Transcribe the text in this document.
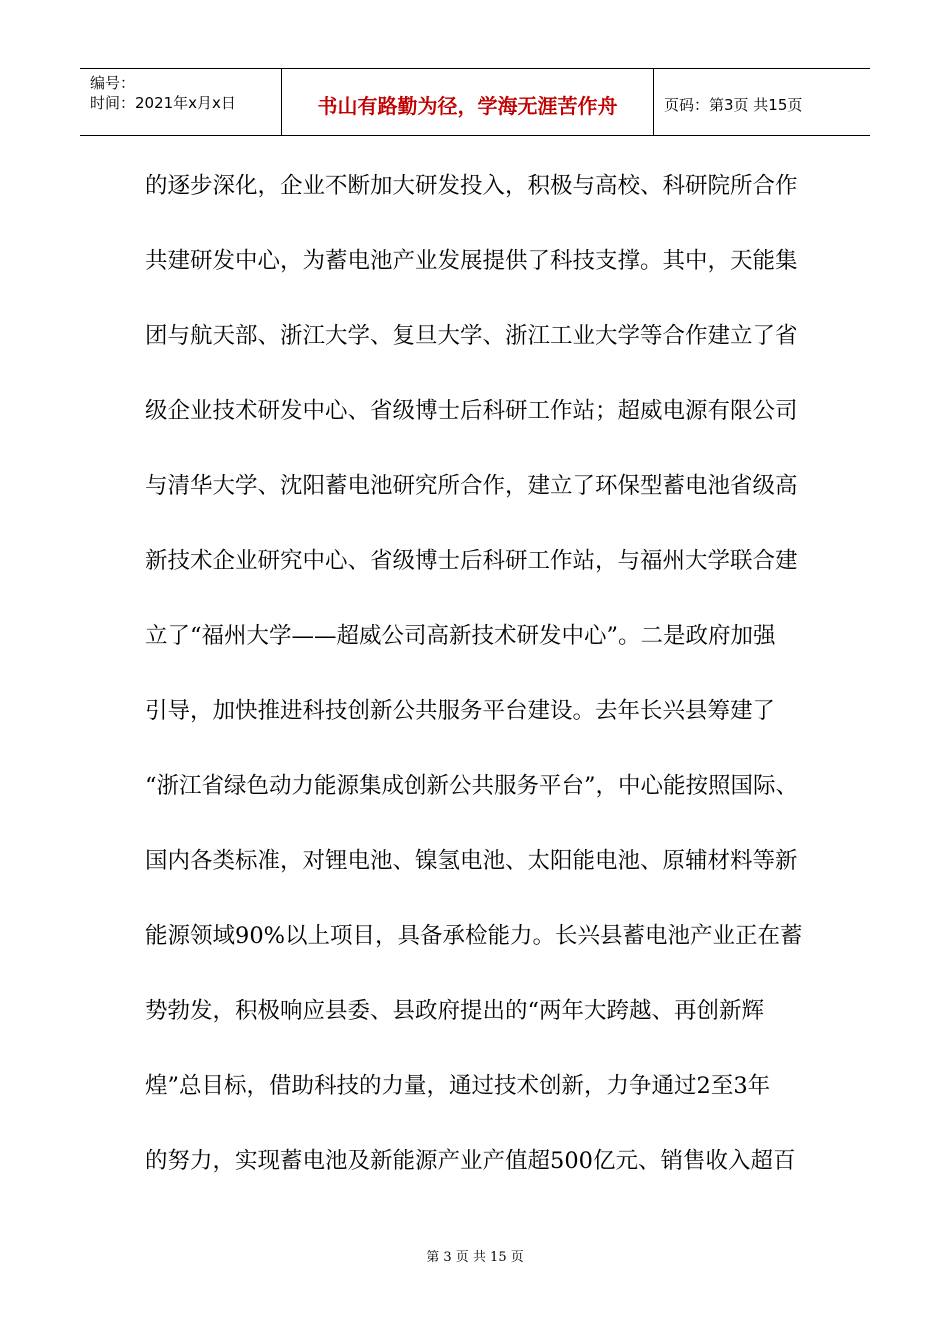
编号：
时间：2021年x月x日	书山有路勤为径，学海无涯苦作舟	页码：第3页 共15页
的逐步深化，企业不断加大研发投入，积极与高校、科研院所合作
共建研发中心，为蓄电池产业发展提供了科技支撑。其中，天能集
团与航天部、浙江大学、复旦大学、浙江工业大学等合作建立了省
级企业技术研发中心、省级博士后科研工作站；超威电源有限公司
与清华大学、沈阳蓄电池研究所合作，建立了环保型蓄电池省级高
新技术企业研究中心、省级博士后科研工作站，与福州大学联合建
立了“福州大学——超威公司高新技术研发中心”。二是政府加强
引导，加快推进科技创新公共服务平台建设。去年长兴县筹建了
“浙江省绿色动力能源集成创新公共服务平台”，中心能按照国际、
国内各类标准，对锂电池、镍氢电池、太阳能电池、原辅材料等新
能源领域90%以上项目，具备承检能力。长兴县蓄电池产业正在蓄
势勃发，积极响应县委、县政府提出的“两年大跨越、再创新辉
煌”总目标，借助科技的力量，通过技术创新，力争通过2至3年
的努力，实现蓄电池及新能源产业产值超500亿元、销售收入超百
第 3 页 共 15 页
